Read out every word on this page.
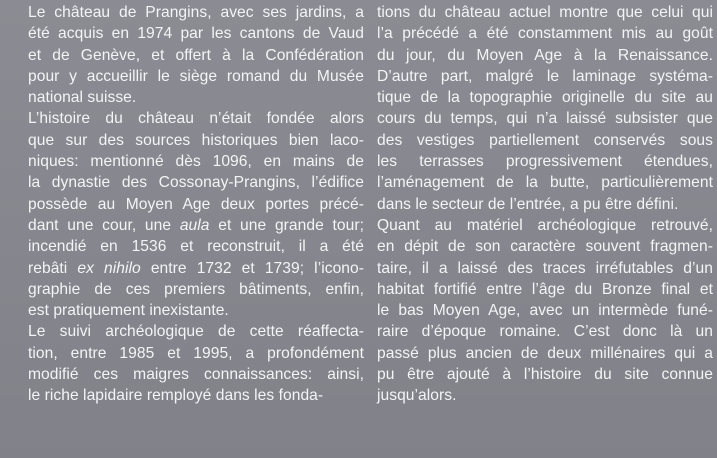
Le château de Prangins, avec ses jardins, a
été acquis en 1974 par les cantons de Vaud
et de Genève, et offert à la Confédération
pour y accueillir le siège romand du Musée
national suisse.
L’histoire du château n’était fondée alors
que sur des sources historiques bien laco-
niques: mentionné dès 1096, en mains de
la dynastie des Cossonay-Prangins, l’édifice
possède au Moyen Age deux portes précé-
dant une cour, une aula et une grande tour;
incendié en 1536 et reconstruit, il a été
rebâti ex nihilo entre 1732 et 1739; l’icono-
graphie de ces premiers bâtiments, enfin,
est pratiquement inexistante.
Le suivi archéologique de cette réaffecta-
tion, entre 1985 et 1995, a profondément
modifié ces maigres connaissances: ainsi,
le riche lapidaire remployé dans les fonda-
tions du château actuel montre que celui qui
l’a précédé a été constamment mis au goût
du jour, du Moyen Age à la Renaissance.
D’autre part, malgré le laminage systéma-
tique de la topographie originelle du site au
cours du temps, qui n’a laissé subsister que
des vestiges partiellement conservés sous
les terrasses progressivement étendues,
l’aménagement de la butte, particulièrement
dans le secteur de l’entrée, a pu être défini.
Quant au matériel archéologique retrouvé,
en dépit de son caractère souvent fragmen-
taire, il a laissé des traces irréfutables d’un
habitat fortifié entre l’âge du Bronze final et
le bas Moyen Age, avec un intermède funé-
raire d’époque romaine. C’est donc là un
passé plus ancien de deux millénaires qui a
pu être ajouté à l’histoire du site connue
jusqu’alors.
